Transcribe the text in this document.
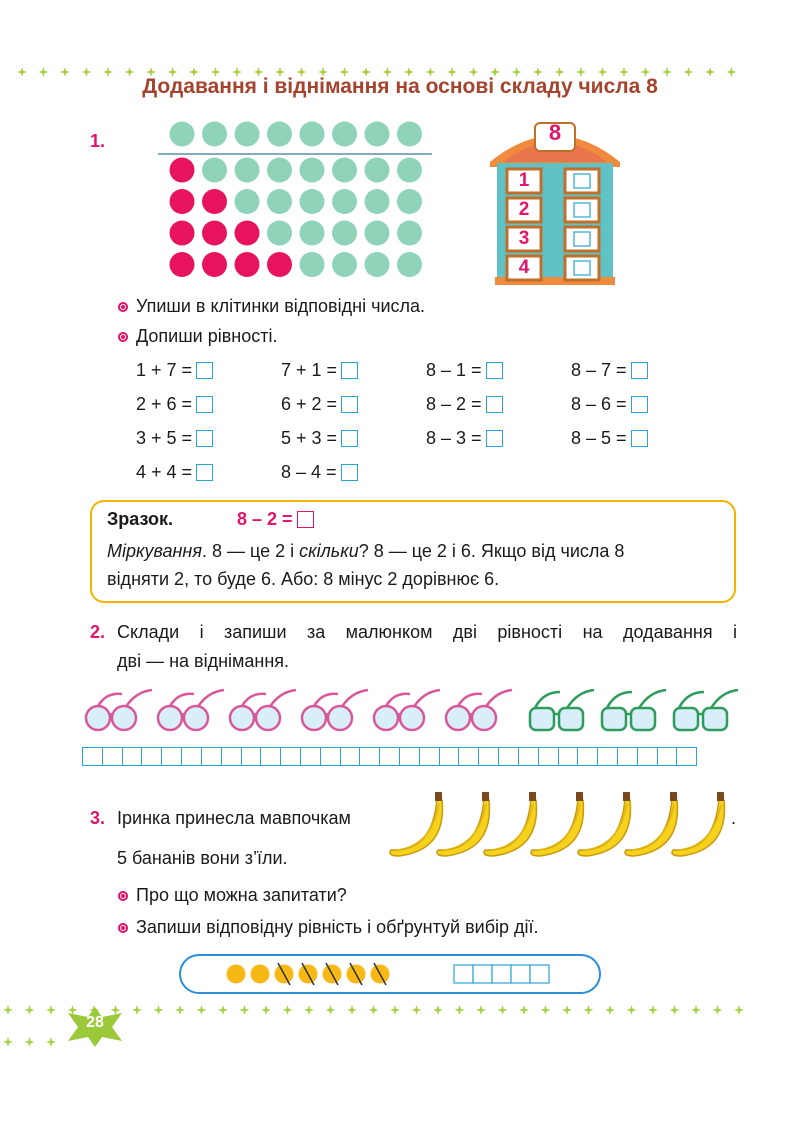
Додавання і віднімання на основі складу числа 8
1.	8
1
2
3
4
Упиши в клітинки відповідні числа.
Допиши рівності.
1 + 7 =	7 + 1 =	8 – 1 =	8 – 7 =
2 + 6 =	6 + 2 =	8 – 2 =	8 – 6 =
3 + 5 =	5 + 3 =	8 – 3 =	8 – 5 =
4 + 4 =	8 – 4 =
Зразок.	8 – 2 =
Міркування. 8 — це 2 і скільки? 8 — це 2 і 6. Якщо від числа 8
відняти 2, то буде 6. Або: 8 мінус 2 дорівнює 6.
2. Склади і запиши за малюнком дві рівності на додавання і
дві — на віднімання.
3. Іринка принесла мавпочкам	.
5 бананів вони з’їли.
Про що можна запитати?
Запиши відповідну рівність і обґрунтуй вибір дії.
28
